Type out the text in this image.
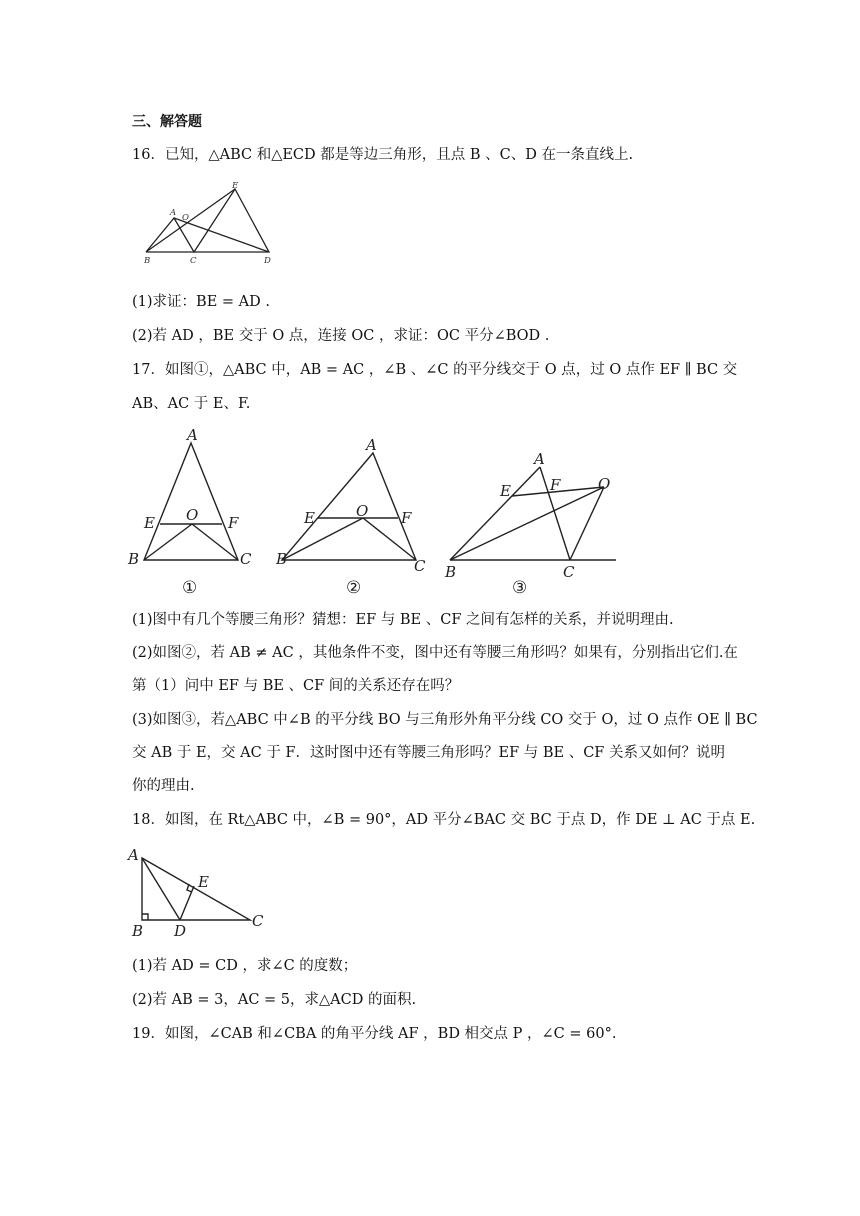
三、解答题
16．已知，△ABC 和△ECD 都是等边三角形，且点 B 、C、D 在一条直线上.
A O
E
B	C	D
(1)求证：BE = AD .
(2)若 AD ，BE 交于 O 点，连接 OC ，求证：OC 平分∠BOD .
17．如图①，△ABC 中，AB = AC ，∠B 、∠C 的平分线交于 O 点，过 O 点作 EF ∥ BC 交
AB、AC 于 E、F.
A
O
E	F
B	C
A
O
E	F
B	C
A
E	F	O
B	C
①	②	③
(1)图中有几个等腰三角形？猜想：EF 与 BE 、CF 之间有怎样的关系，并说明理由.
(2)如图②，若 AB ≠ AC ，其他条件不变，图中还有等腰三角形吗？如果有，分别指出它们.在
第（1）问中 EF 与 BE 、CF 间的关系还存在吗？
(3)如图③，若△ABC 中∠B 的平分线 BO 与三角形外角平分线 CO 交于 O，过 O 点作 OE ∥ BC
交 AB 于 E，交 AC 于 F．这时图中还有等腰三角形吗？EF 与 BE 、CF 关系又如何？说明
你的理由.
18．如图，在 Rt△ABC 中，∠B = 90°，AD 平分∠BAC 交 BC 于点 D，作 DE ⊥ AC 于点 E.
A
E
B D
C
(1)若 AD = CD ，求∠C 的度数；
(2)若 AB = 3，AC = 5，求△ACD 的面积.
19．如图，∠CAB 和∠CBA 的角平分线 AF ，BD 相交点 P ，∠C = 60°.
